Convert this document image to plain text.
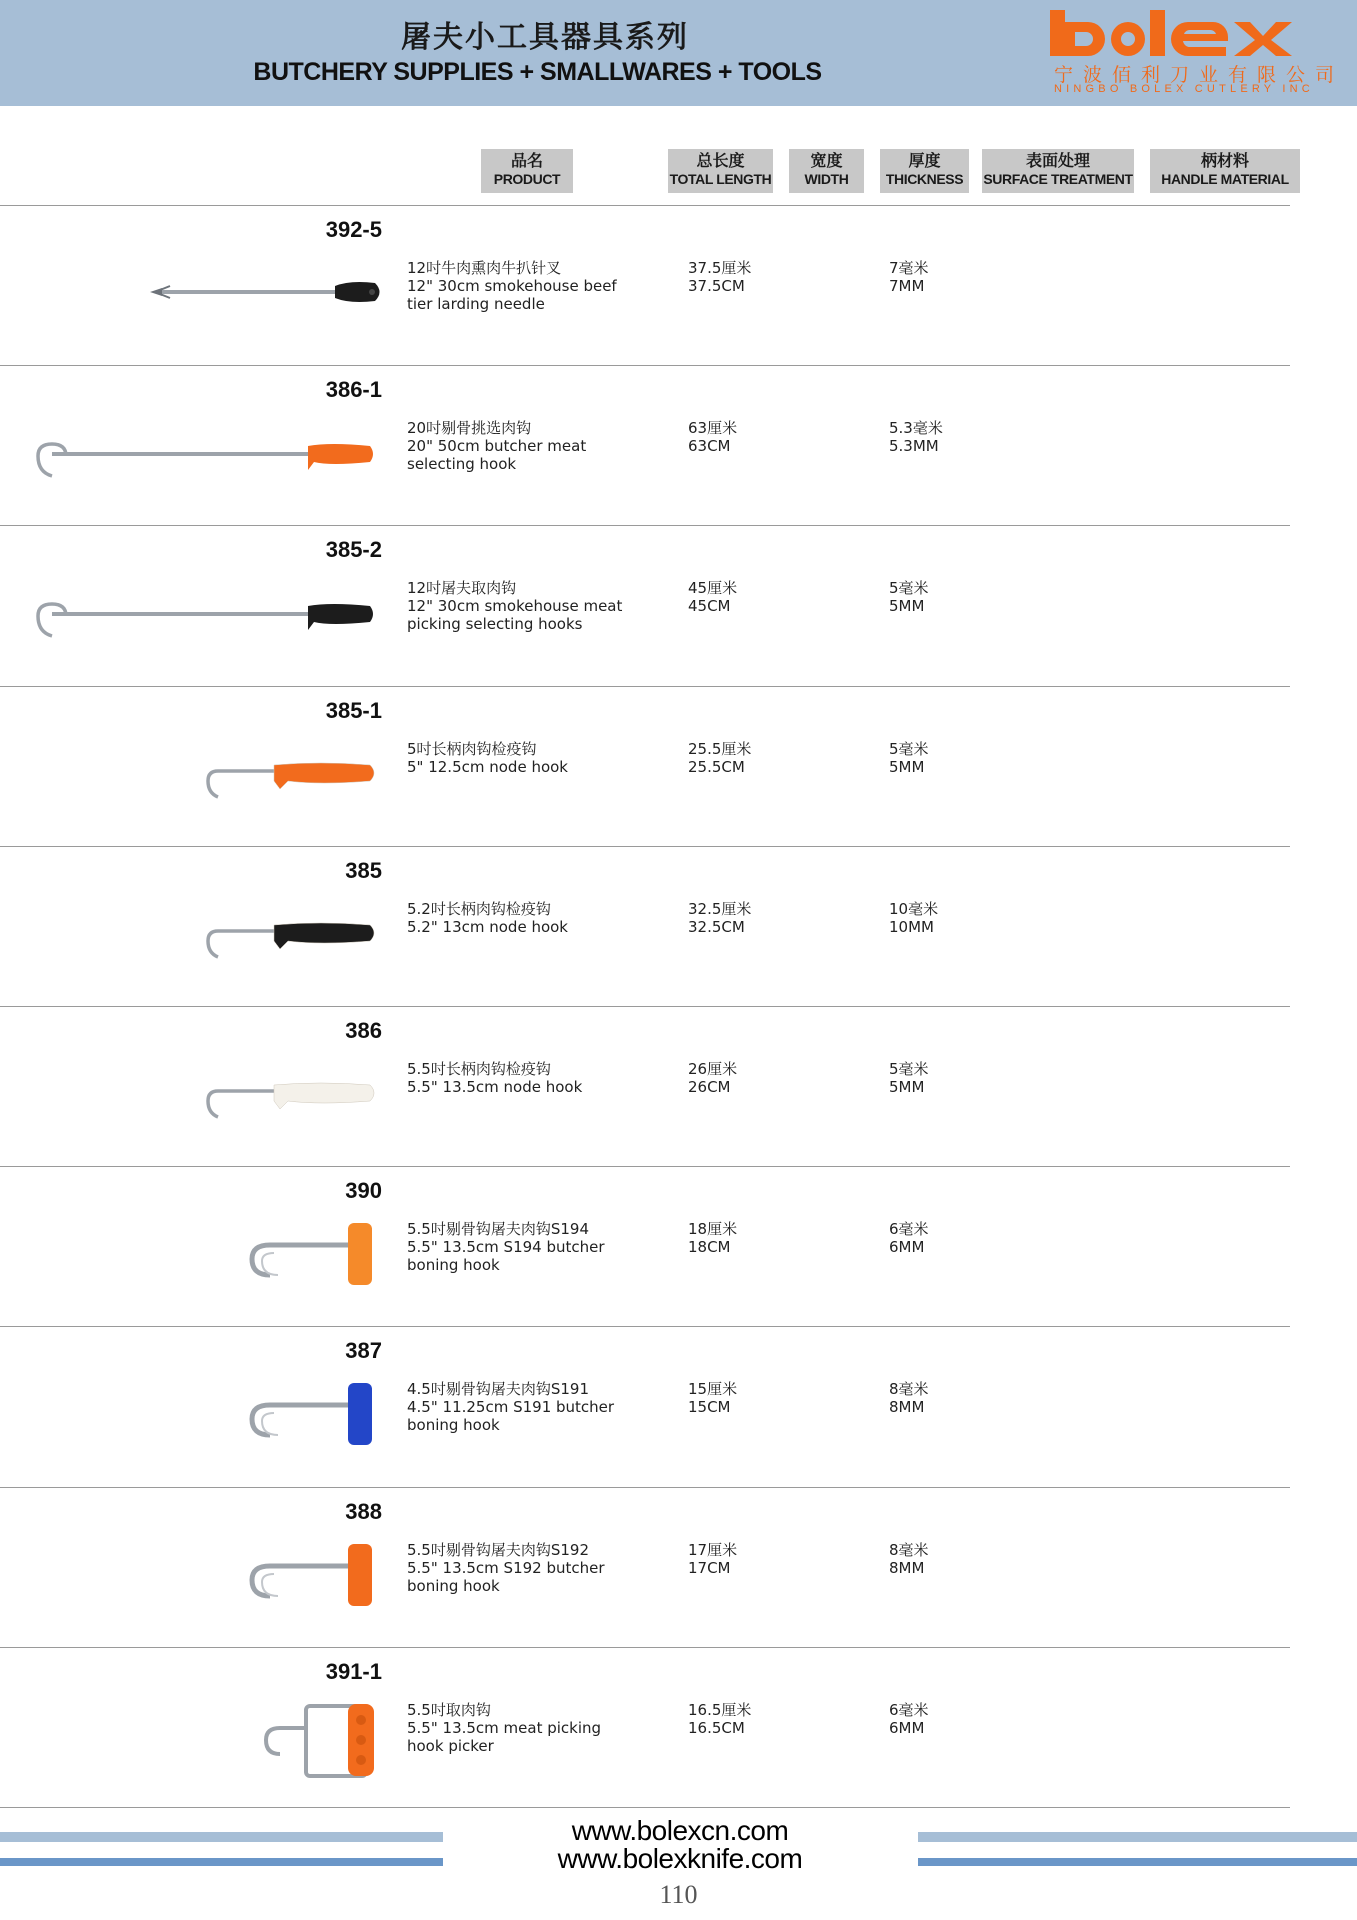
屠夫小工具器具系列
BUTCHERY SUPPLIES + SMALLWARES + TOOLS	宁波佰利刀业有限公司
NINGBO BOLEX CUTLERY INC
品名
PRODUCT
总长度
TOTAL LENGTH
宽度
WIDTH
厚度
THICKNESS
表面处理
SURFACE TREATMENT
柄材料
HANDLE MATERIAL
392-5
12吋牛肉熏肉牛扒针叉
12" 30cm smokehouse beef
tier larding needle
37.5厘米
37.5CM
7毫米
7MM
386-1
20吋剔骨挑选肉钩
20" 50cm butcher meat
selecting hook
63厘米
63CM
5.3毫米
5.3MM
385-2
12吋屠夫取肉钩
12" 30cm smokehouse meat
picking selecting hooks
45厘米
45CM
5毫米
5MM
385-1
5吋长柄肉钩检疫钩
5" 12.5cm node hook
25.5厘米
25.5CM
5毫米
5MM
385
5.2吋长柄肉钩检疫钩
5.2" 13cm node hook
32.5厘米
32.5CM
10毫米
10MM
386
5.5吋长柄肉钩检疫钩
5.5" 13.5cm node hook
26厘米
26CM
5毫米
5MM
390
5.5吋剔骨钩屠夫肉钩S194
5.5" 13.5cm S194 butcher
boning hook
18厘米
18CM
6毫米
6MM
387
4.5吋剔骨钩屠夫肉钩S191
4.5" 11.25cm S191 butcher
boning hook
15厘米
15CM
8毫米
8MM
388
5.5吋剔骨钩屠夫肉钩S192
5.5" 13.5cm S192 butcher
boning hook
17厘米
17CM
8毫米
8MM
391-1
5.5吋取肉钩
5.5" 13.5cm meat picking
hook picker
16.5厘米
16.5CM
6毫米
6MM
www.bolexcn.com
www.bolexknife.com
110
